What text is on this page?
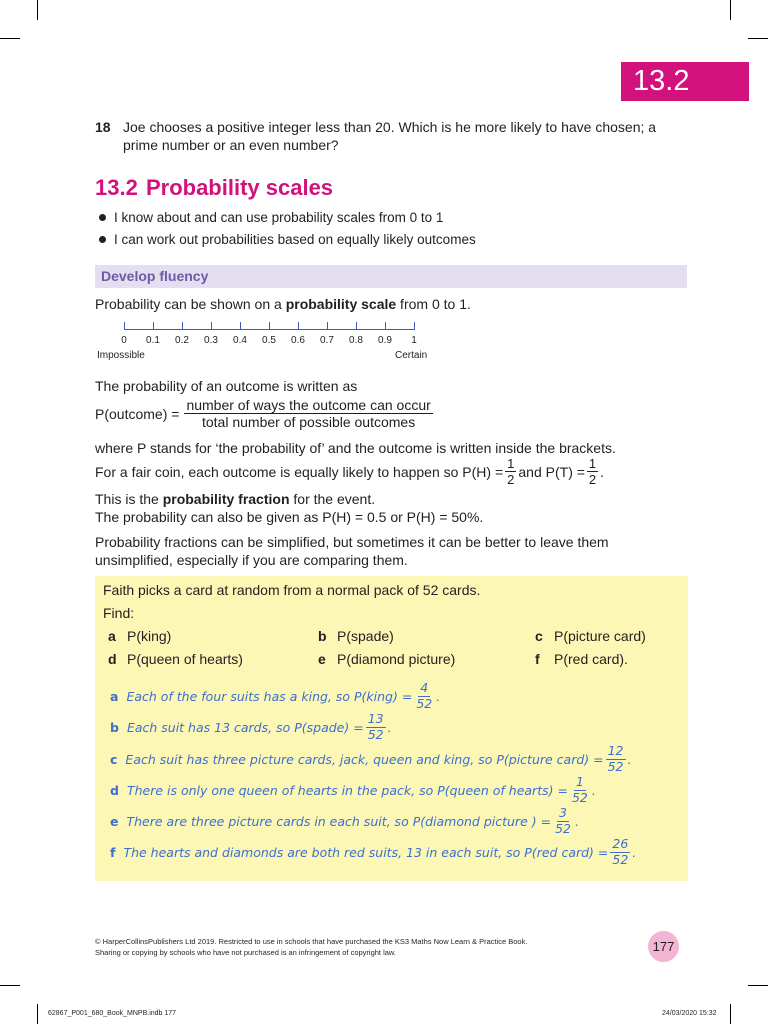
13.2
18 Joe chooses a positive integer less than 20. Which is he more likely to have chosen; a
prime number or an even number?
13.2 Probability scales
I know about and can use probability scales from 0 to 1
I can work out probabilities based on equally likely outcomes
Develop fluency
Probability can be shown on a probability scale from 0 to 1.
0 0.1 0.2 0.3 0.4 0.5 0.6 0.7 0.8 0.9 1
Impossible	Certain
The probability of an outcome is written as
P(outcome) = $\frac{\text{number of ways the outcome can occur}}{\text{total number of possible outcomes}}$
where P stands for ‘the probability of’ and the outcome is written inside the brackets.
For a fair coin, each outcome is equally likely to happen so $P(H) = \frac{1}{2}$ and $P(T) = \frac{1}{2}$ .
This is the probability fraction for the event.
The probability can also be given as P(H) = 0.5 or P(H) = 50%.
Probability fractions can be simplified, but sometimes it can be better to leave them
unsimplified, especially if you are comparing them.
Faith picks a card at random from a normal pack of 52 cards.
Find:
a P(king)	b P(spade)	c P(picture card)
d P(queen of hearts)	e P(diamond picture)	f P(red card).
a Each of the four suits has a king, so P(king) = $\frac{4}{52}$ .
b Each suit has 13 cards, so P(spade) = $\frac{13}{52}$ .
c Each suit has three picture cards, jack, queen and king, so P(picture card) = $\frac{12}{52}$ .
d There is only one queen of hearts in the pack, so P(queen of hearts) = $\frac{1}{52}$ .
e There are three picture cards in each suit, so P(diamond picture ) = $\frac{3}{52}$ .
f The hearts and diamonds are both red suits, 13 in each suit, so P(red card) = $\frac{26}{52}$ .
© HarperCollinsPublishers Ltd 2019. Restricted to use in schools that have purchased the KS3 Maths Now Learn & Practice Book.
Sharing or copying by schools who have not purchased is an infringement of copyright law.	177
62867_P001_680_Book_MNPB.indb 177	24/03/2020 15:32
